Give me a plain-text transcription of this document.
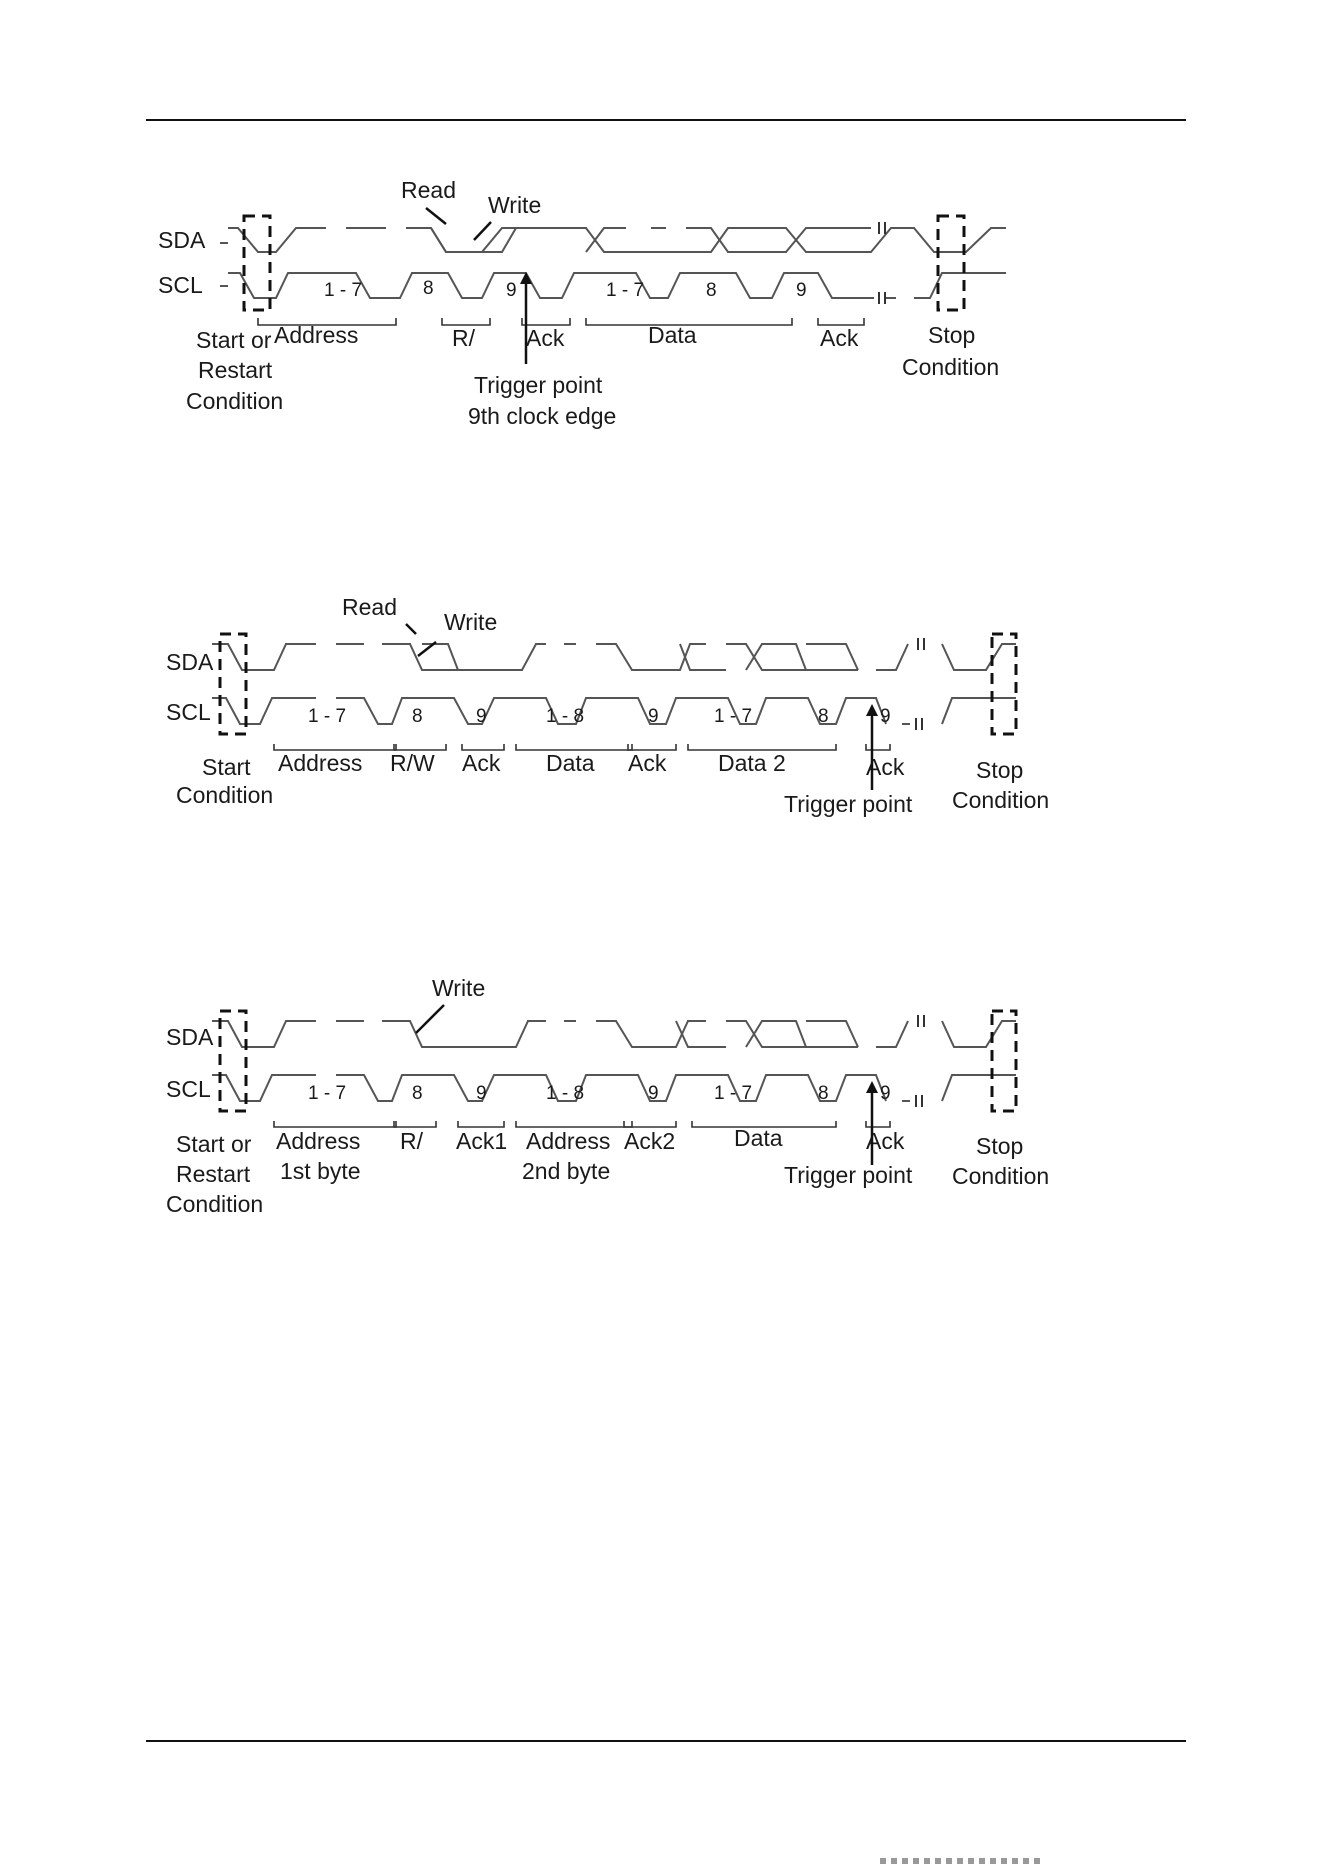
SDA
SCL	1 - 7	8	9	1 - 7	8	9
Read
Write
Address	R/ Ack	Data	Ack
Start or
Restart
Condition
Stop
Condition
Trigger point
9th clock edge
SDA
SCL	1 - 7	8	9	1 - 8	9	1 - 7	8	9
Read
Write
Address R/W Ack Data Ack Data 2	Ack
Start
Condition
Stop
Condition
Trigger point
SDA
SCL	1 - 7	8	9	1 - 8	9	1 - 7	8	9
Write
Address R/ Ack1 Address Ack2	Data	Ack
1st byte	2nd byte
Start or
Restart
Condition
Stop
Condition
Trigger point
